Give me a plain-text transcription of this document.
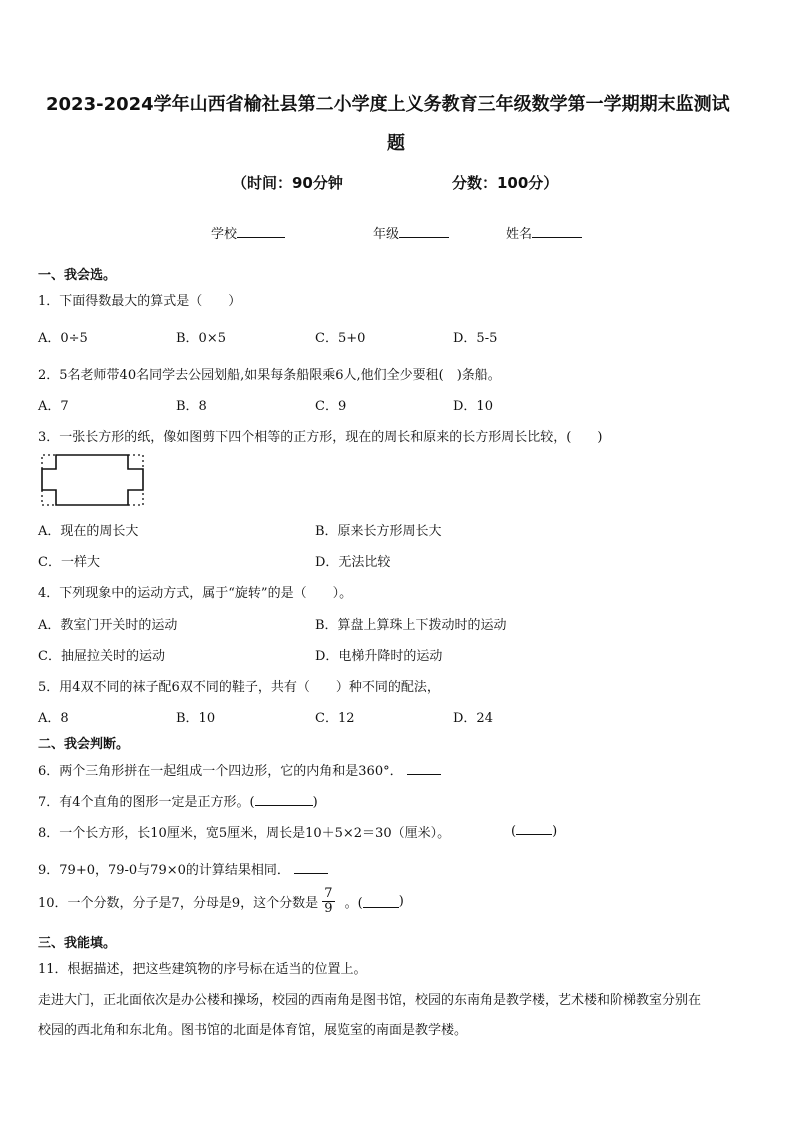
2023-2024学年山西省榆社县第二小学度上义务教育三年级数学第一学期期末监测试
题
（时间：90分钟	分数：100分）
学校	年级	姓名
一、我会选。
1．下面得数最大的算式是（　　）
A．0÷5	B．0×5	C．5+0	D．5-5
2．5名老师带40名同学去公园划船,如果每条船限乘6人,他们全少要租(　)条船。
A．7	B．8	C．9	D．10
3．一张长方形的纸，像如图剪下四个相等的正方形，现在的周长和原来的长方形周长比较，(　　)
A．现在的周长大	B．原来长方形周长大
C．一样大	D．无法比较
4．下列现象中的运动方式，属于“旋转”的是（　　）。
A．教室门开关时的运动	B．算盘上算珠上下拨动时的运动
C．抽屉拉关时的运动	D．电梯升降时的运动
5．用4双不同的袜子配6双不同的鞋子，共有（　　）种不同的配法，
A．8	B．10	C．12	D．24
二、我会判断。
6．两个三角形拼在一起组成一个四边形，它的内角和是360°．
7．有4个直角的图形一定是正方形。(	)
8．一个长方形，长10厘米，宽5厘米，周长是10＋5×2＝30（厘米）。	(	)
9．79+0，79-0与79×0的计算结果相同．
10．一个分数，分子是7，分母是9，这个分数是 $\frac{7}{9}$ 。(	)
三、我能填。
11．根据描述，把这些建筑物的序号标在适当的位置上。
走进大门，正北面依次是办公楼和操场，校园的西南角是图书馆，校园的东南角是教学楼，艺术楼和阶梯教室分别在
校园的西北角和东北角。图书馆的北面是体育馆，展览室的南面是教学楼。
